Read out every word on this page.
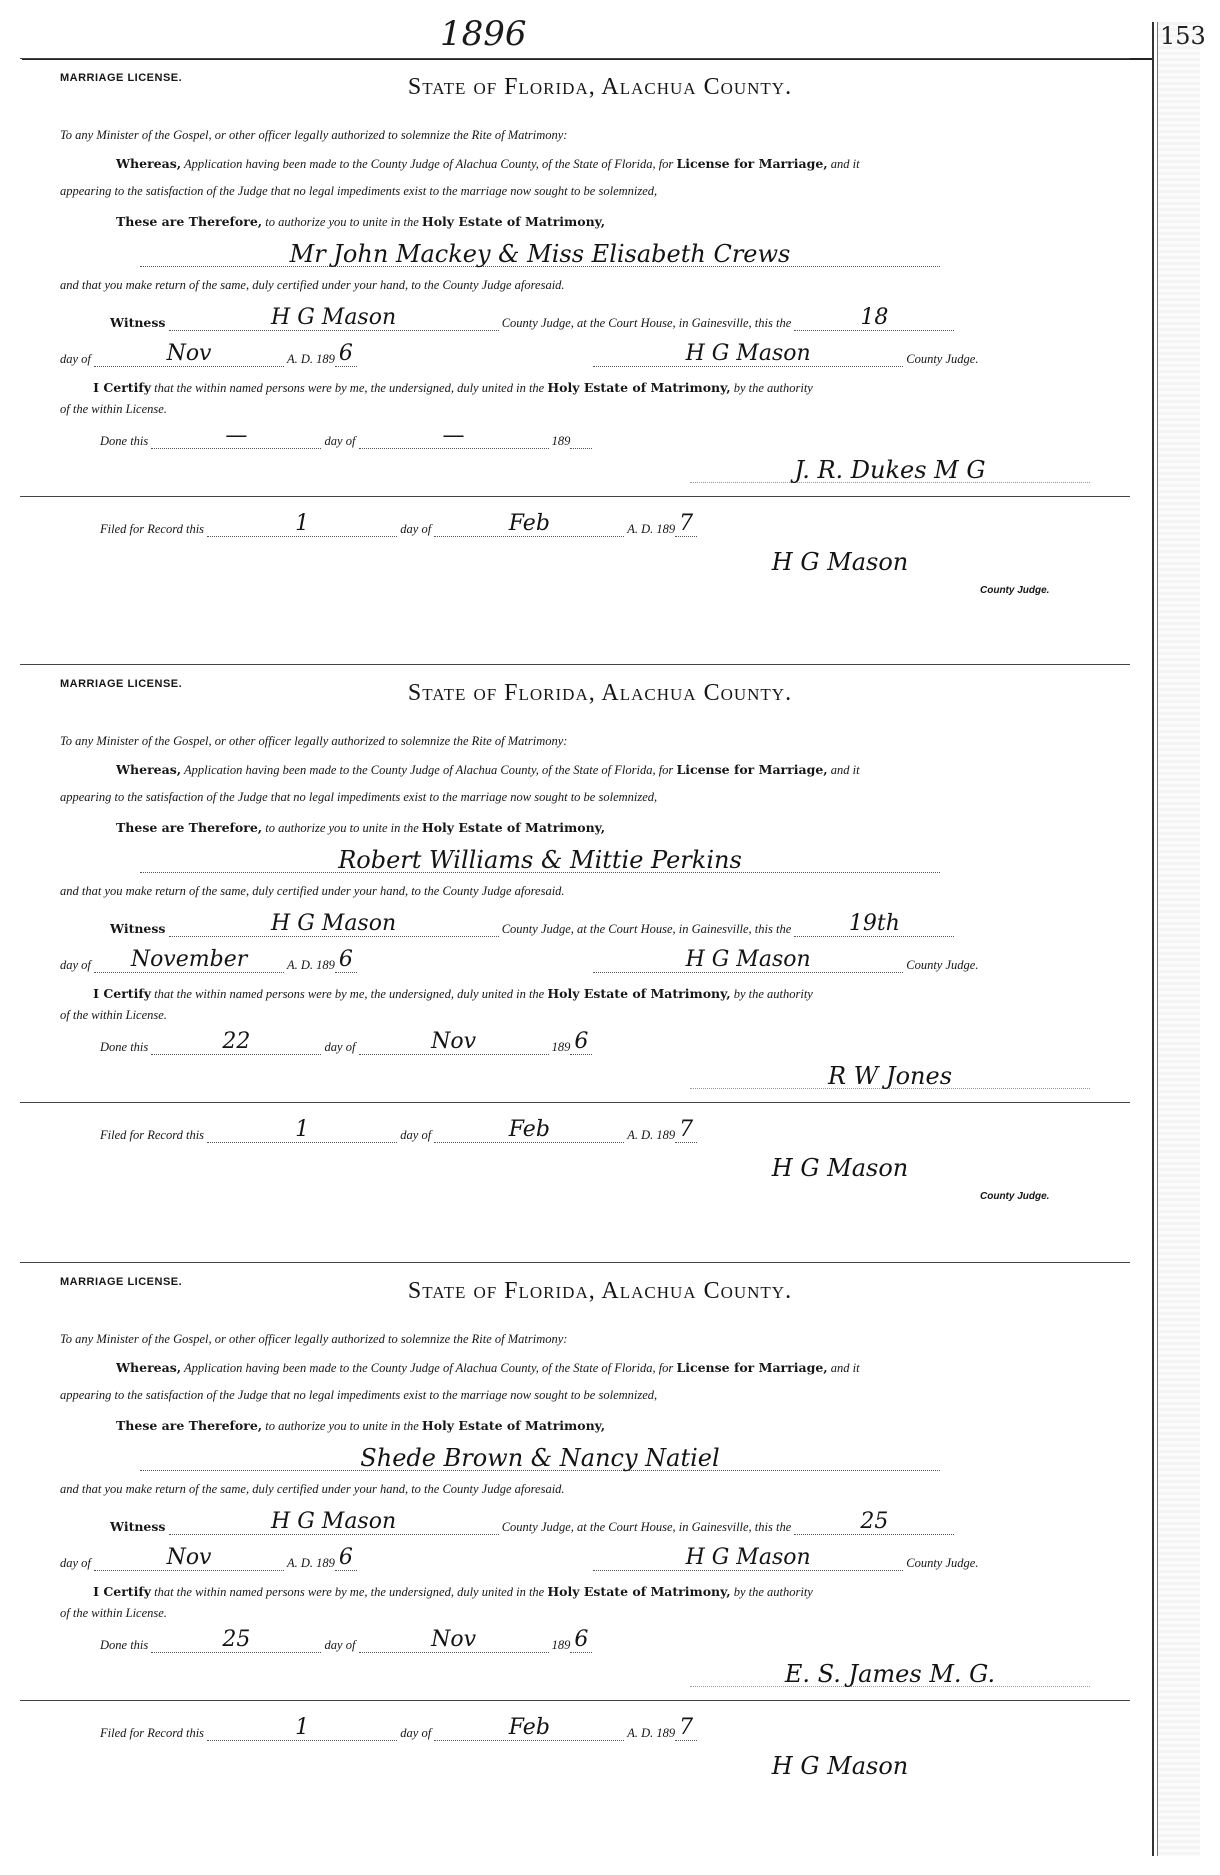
1896	153
MARRIAGE LICENSE.	State of Florida, Alachua County.
To any Minister of the Gospel, or other officer legally authorized to solemnize the Rite of Matrimony:
Whereas, Application having been made to the County Judge of Alachua County, of the State of Florida, for License for Marriage, and it
appearing to the satisfaction of the Judge that no legal impediments exist to the marriage now sought to be solemnized,
These are Therefore, to authorize you to unite in the Holy Estate of Matrimony,
Mr John Mackey & Miss Elisabeth Crews
and that you make return of the same, duly certified under your hand, to the County Judge aforesaid.
Witness	H G Mason	County Judge, at the Court House, in Gainesville, this the	18
day of	Nov	A. D. 189 6
	H G Mason	County Judge.
I Certify that the within named persons were by me, the undersigned, duly united in the Holy Estate of Matrimony, by the authority
of the within License.
Done this	—	day of	—	189
J. R. Dukes M G
Filed for Record this	1	day of	Feb	A. D. 189 7
H G Mason
County Judge.
MARRIAGE LICENSE.	State of Florida, Alachua County.
To any Minister of the Gospel, or other officer legally authorized to solemnize the Rite of Matrimony:
Whereas, Application having been made to the County Judge of Alachua County, of the State of Florida, for License for Marriage, and it
appearing to the satisfaction of the Judge that no legal impediments exist to the marriage now sought to be solemnized,
These are Therefore, to authorize you to unite in the Holy Estate of Matrimony,
Robert Williams & Mittie Perkins
and that you make return of the same, duly certified under your hand, to the County Judge aforesaid.
Witness	H G Mason	County Judge, at the Court House, in Gainesville, this the	19th
day of	November	A. D. 189 6
	H G Mason	County Judge.
I Certify that the within named persons were by me, the undersigned, duly united in the Holy Estate of Matrimony, by the authority
of the within License.
Done this	22	day of	Nov	189 6
R W Jones
Filed for Record this	1	day of	Feb	A. D. 189 7
H G Mason
County Judge.
MARRIAGE LICENSE.	State of Florida, Alachua County.
To any Minister of the Gospel, or other officer legally authorized to solemnize the Rite of Matrimony:
Whereas, Application having been made to the County Judge of Alachua County, of the State of Florida, for License for Marriage, and it
appearing to the satisfaction of the Judge that no legal impediments exist to the marriage now sought to be solemnized,
These are Therefore, to authorize you to unite in the Holy Estate of Matrimony,
Shede Brown & Nancy Natiel
and that you make return of the same, duly certified under your hand, to the County Judge aforesaid.
Witness	H G Mason	County Judge, at the Court House, in Gainesville, this the	25
day of	Nov	A. D. 189 6
	H G Mason	County Judge.
I Certify that the within named persons were by me, the undersigned, duly united in the Holy Estate of Matrimony, by the authority
of the within License.
Done this	25	day of	Nov	189 6
E. S. James M. G.
Filed for Record this	1	day of	Feb	A. D. 189 7
H G Mason
